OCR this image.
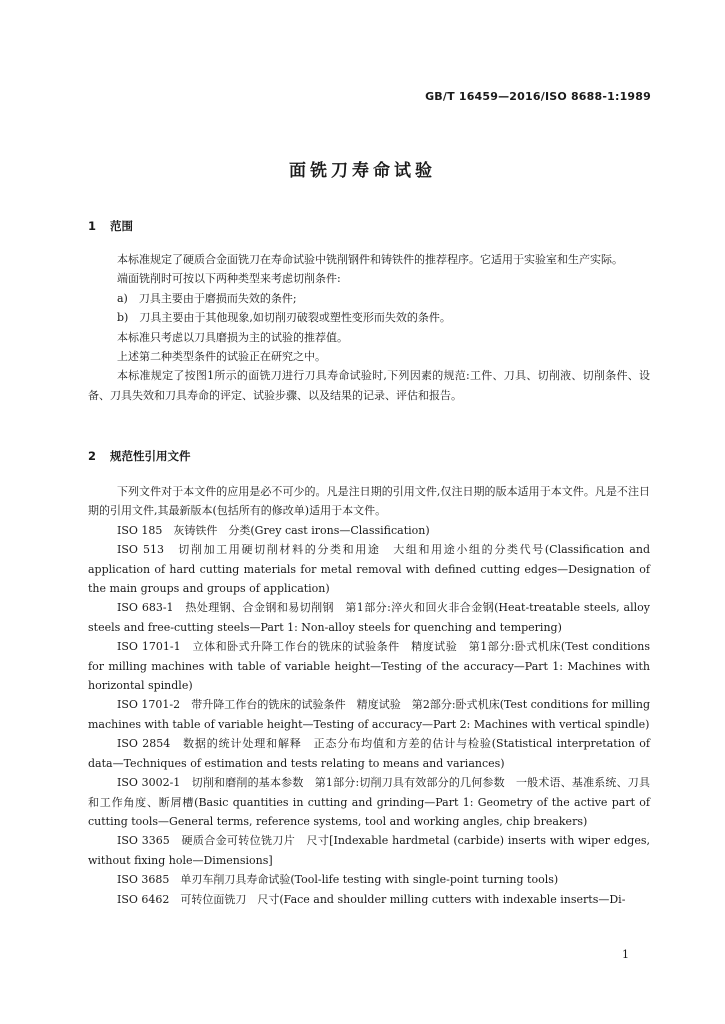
GB/T 16459—2016/ISO 8688-1:1989
面铣刀寿命试验
1 范围

本标准规定了硬质合金面铣刀在寿命试验中铣削钢件和铸铁件的推荐程序。它适用于实验室和生产实际。

端面铣削时可按以下两种类型来考虑切削条件:

a)　刀具主要由于磨损而失效的条件;

b)　刀具主要由于其他现象,如切削刃破裂或塑性变形而失效的条件。

本标准只考虑以刀具磨损为主的试验的推荐值。

上述第二种类型条件的试验正在研究之中。

本标准规定了按图1所示的面铣刀进行刀具寿命试验时,下列因素的规范:工件、刀具、切削液、切削条件、设备、刀具失效和刀具寿命的评定、试验步骤、以及结果的记录、评估和报告。

2 规范性引用文件

下列文件对于本文件的应用是必不可少的。凡是注日期的引用文件,仅注日期的版本适用于本文件。凡是不注日期的引用文件,其最新版本(包括所有的修改单)适用于本文件。

ISO 185　灰铸铁件　分类(Grey cast irons—Classification)

ISO 513　切削加工用硬切削材料的分类和用途　大组和用途小组的分类代号(Classification and application of hard cutting materials for metal removal with defined cutting edges—Designation of the main groups and groups of application)

ISO 683-1　热处理钢、合金钢和易切削钢　第1部分:淬火和回火非合金钢(Heat-treatable steels, alloy steels and free-cutting steels—Part 1: Non-alloy steels for quenching and tempering)

ISO 1701-1　立体和卧式升降工作台的铣床的试验条件　精度试验　第1部分:卧式机床(Test conditions for milling machines with table of variable height—Testing of the accuracy—Part 1: Machines with horizontal spindle)

ISO 1701-2　带升降工作台的铣床的试验条件　精度试验　第2部分:卧式机床(Test conditions for milling machines with table of variable height—Testing of accuracy—Part 2: Machines with vertical spindle)

ISO 2854　数据的统计处理和解释　正态分布均值和方差的估计与检验(Statistical interpretation of data—Techniques of estimation and tests relating to means and variances)

ISO 3002-1　切削和磨削的基本参数　第1部分:切削刀具有效部分的几何参数　一般术语、基准系统、刀具和工作角度、断屑槽(Basic quantities in cutting and grinding—Part 1: Geometry of the active part of cutting tools—General terms, reference systems, tool and working angles, chip breakers)

ISO 3365　硬质合金可转位铣刀片　尺寸[Indexable hardmetal (carbide) inserts with wiper edges, without fixing hole—Dimensions]

ISO 3685　单刃车削刀具寿命试验(Tool-life testing with single-point turning tools)

ISO 6462　可转位面铣刀　尺寸(Face and shoulder milling cutters with indexable inserts—Di-

1
